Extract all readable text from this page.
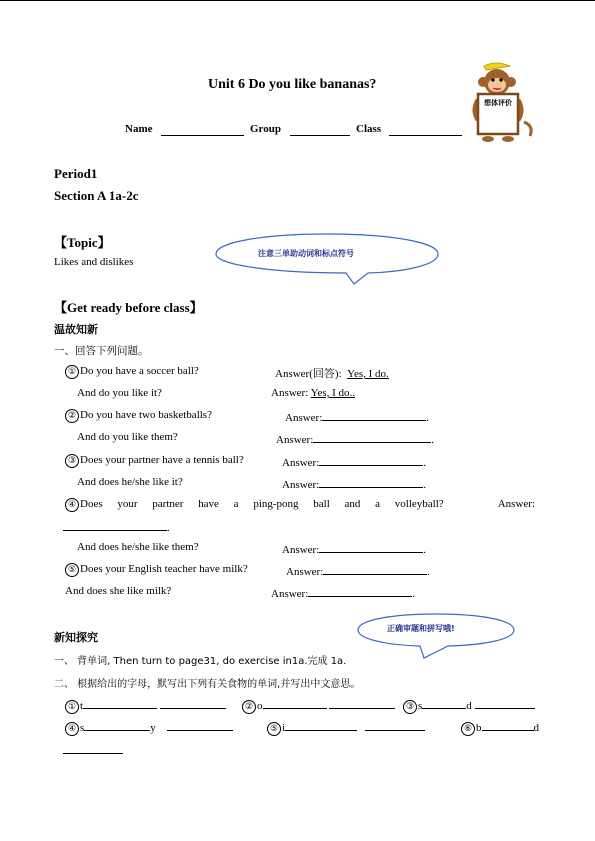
Unit 6 Do you like bananas?
想体评价
Name	Group	Class
Period1
Section A 1a-2c
【Topic】
Likes and dislikes
注意三单助动词和标点符号
【Get ready before class】
温故知新
一、回答下列问题。
① Do you have a soccer ball?	Answer(回答): Yes, I do.
And do you like it?	Answer: Yes, I do..
② Do you have two basketballs?	Answer:	.
And do you like them?	Answer:	.
③ Does your partner have a tennis ball?	Answer:	.
And does he/she like it?	Answer:	.
④ Does your partner have a ping-pong ball and a volleyball?	Answer:
.
And does he/she like them?	Answer:	.
⑤ Does your English teacher have milk?	Answer:	.
And does she like milk?	Answer:	.
正确审题和拼写哦!
新知探究
一、 背单词, Then turn to page31, do exercise in1a.完成 1a.
二、 根据给出的字母，默写出下列有关食物的单词,并写出中文意思。
① t	② o	③ s	d
④ s	y	⑤ i	⑥ b	d
